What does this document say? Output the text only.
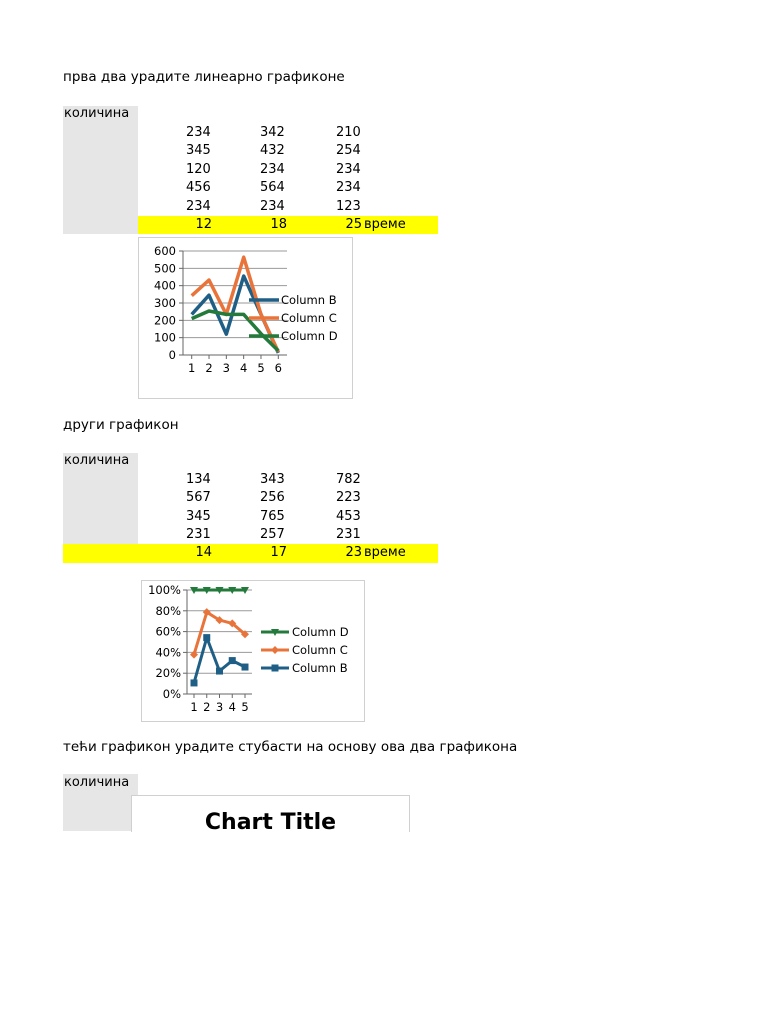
прва два урадите линеарно графиконе
количина
234	342	210
345	432	254
120	234	234
456	564	234
234	234	123
12	18	25 време
0
100
200
300
400
500
600
1 2 3 4 5 6
Column B
Column C
Column D
други графикон
количина
134	343	782
567	256	223
345	765	453
231	257	231
14	17	23 време
0%
20%
40%
60%
80%
100%
1 2 3 4 5
Column D
Column C
Column B
тећи графикон урадите стубасти на основу ова два графикона
количина
Chart Title
